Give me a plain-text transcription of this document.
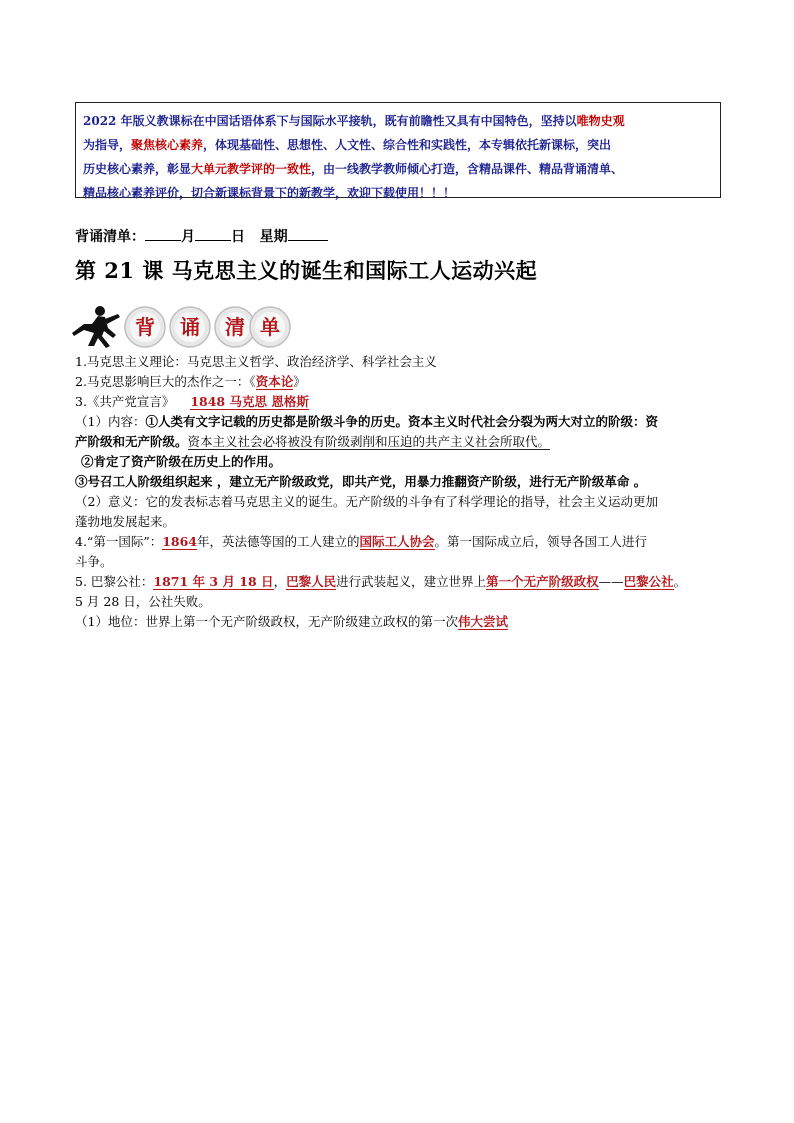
2022 年版义教课标在中国话语体系下与国际水平接轨，既有前瞻性又具有中国特色，坚持以唯物史观
为指导，聚焦核心素养，体现基础性、思想性、人文性、综合性和实践性，本专辑依托新课标，突出
历史核心素养，彰显大单元教学评的一致性，由一线教学教师倾心打造，含精品课件、精品背诵清单、
精品核心素养评价，切合新课标背景下的新教学，欢迎下载使用！！！
背诵清单：	月	日 星期
第 21 课 马克思主义的诞生和国际工人运动兴起
背 诵 清 单

1.马克思主义理论：马克思主义哲学、政治经济学、科学社会主义

2.马克思影响巨大的杰作之一：《资本论》

3.《共产党宣言》 1848 马克思 恩格斯

（1）内容：①人类有文字记载的历史都是阶级斗争的历史。资本主义时代社会分裂为两大对立的阶级：资

产阶级和无产阶级。资本主义社会必将被没有阶级剥削和压迫的共产主义社会所取代。

②肯定了资产阶级在历史上的作用。

③号召工人阶级组织起来 ，建立无产阶级政党，即共产党，用暴力推翻资产阶级，进行无产阶级革命 。

（2）意义：它的发表标志着马克思主义的诞生。无产阶级的斗争有了科学理论的指导，社会主义运动更加

蓬勃地发展起来。

4.“第一国际”：1864年，英法德等国的工人建立的国际工人协会。第一国际成立后，领导各国工人进行

斗争。

5. 巴黎公社：1871 年 3 月 18 日，巴黎人民进行武装起义，建立世界上第一个无产阶级政权——巴黎公社。

5 月 28 日，公社失败。

（1）地位：世界上第一个无产阶级政权，无产阶级建立政权的第一次伟大尝试
